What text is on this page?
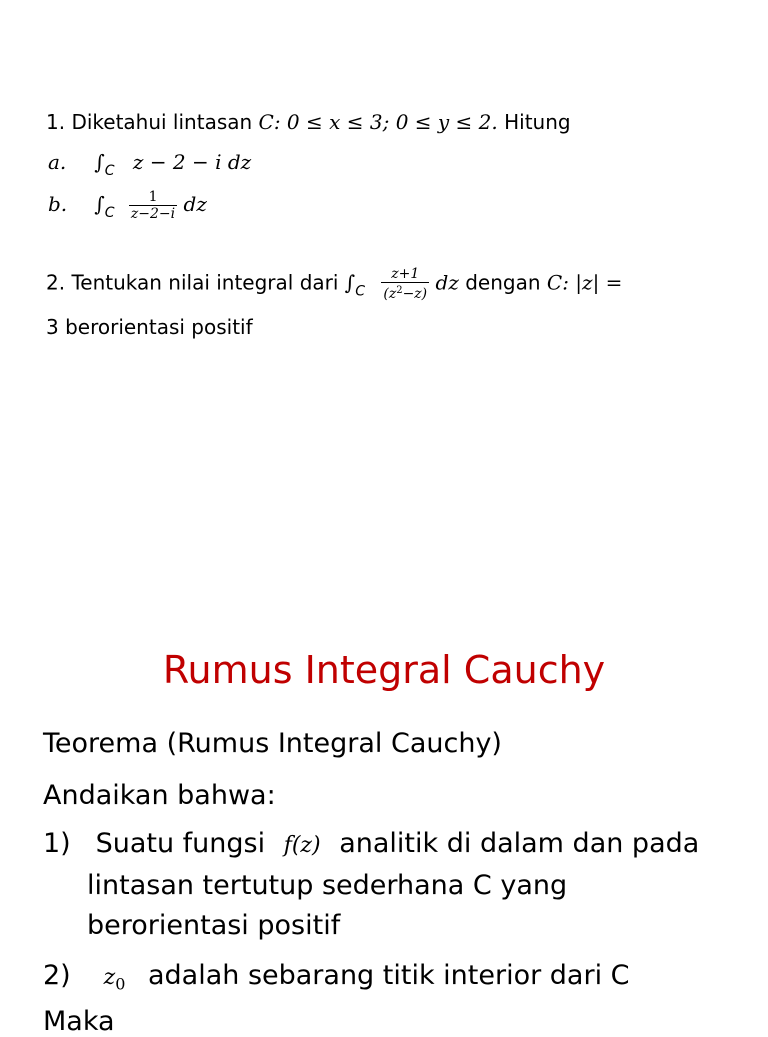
1. Diketahui lintasan C: 0 ≤ x ≤ 3; 0 ≤ y ≤ 2. Hitung
a. $\int_C$ z − 2 − i dz
b. $\int_C \frac{1}{z-2-i}$ dz
2. Tentukan nilai integral dari $\int_C \frac{z+1}{(z^2-z)}$ dz dengan C: |z| =
3 berorientasi positif
Rumus Integral Cauchy
Teorema (Rumus Integral Cauchy)
Andaikan bahwa:
1) Suatu fungsi f(z) analitik di dalam dan pada
lintasan tertutup sederhana C yang
berorientasi positif
2) $z_0$ adalah sebarang titik interior dari C
Maka
